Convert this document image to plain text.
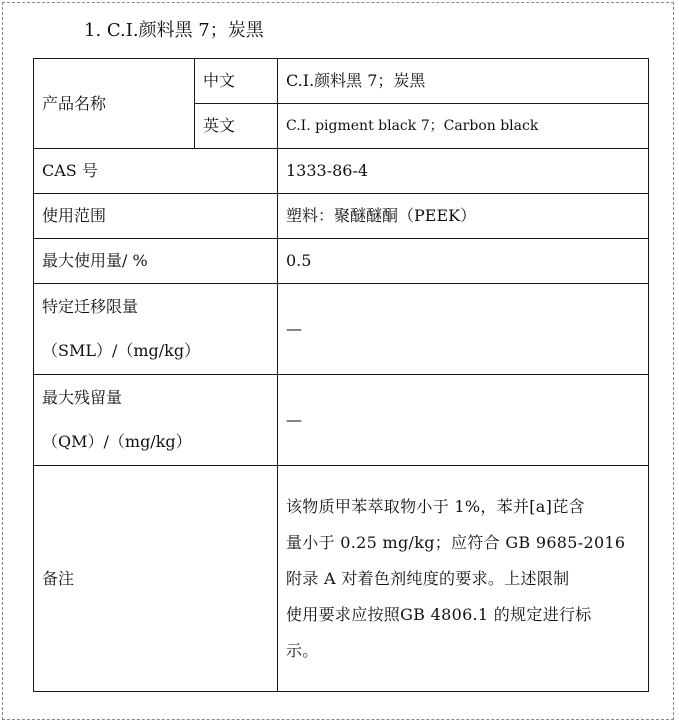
1. C.I.颜料黑 7；炭黑
产品名称	中文	C.I.颜料黑 7；炭黑
	英文	C.I. pigment black 7；Carbon black
CAS 号		1333-86-4
使用范围		塑料：聚醚醚酮（PEEK）
最大使用量/ %		0.5

特定迁移限量
（SML）/（mg/kg）		—

最大残留量
（QM）/（mg/kg）		—
备注		该物质甲苯萃取物小于 1%，苯并[a]芘含
量小于 0.25 mg/kg；应符合 GB 9685-2016
附录 A 对着色剂纯度的要求。上述限制
使用要求应按照GB 4806.1 的规定进行标
示。
